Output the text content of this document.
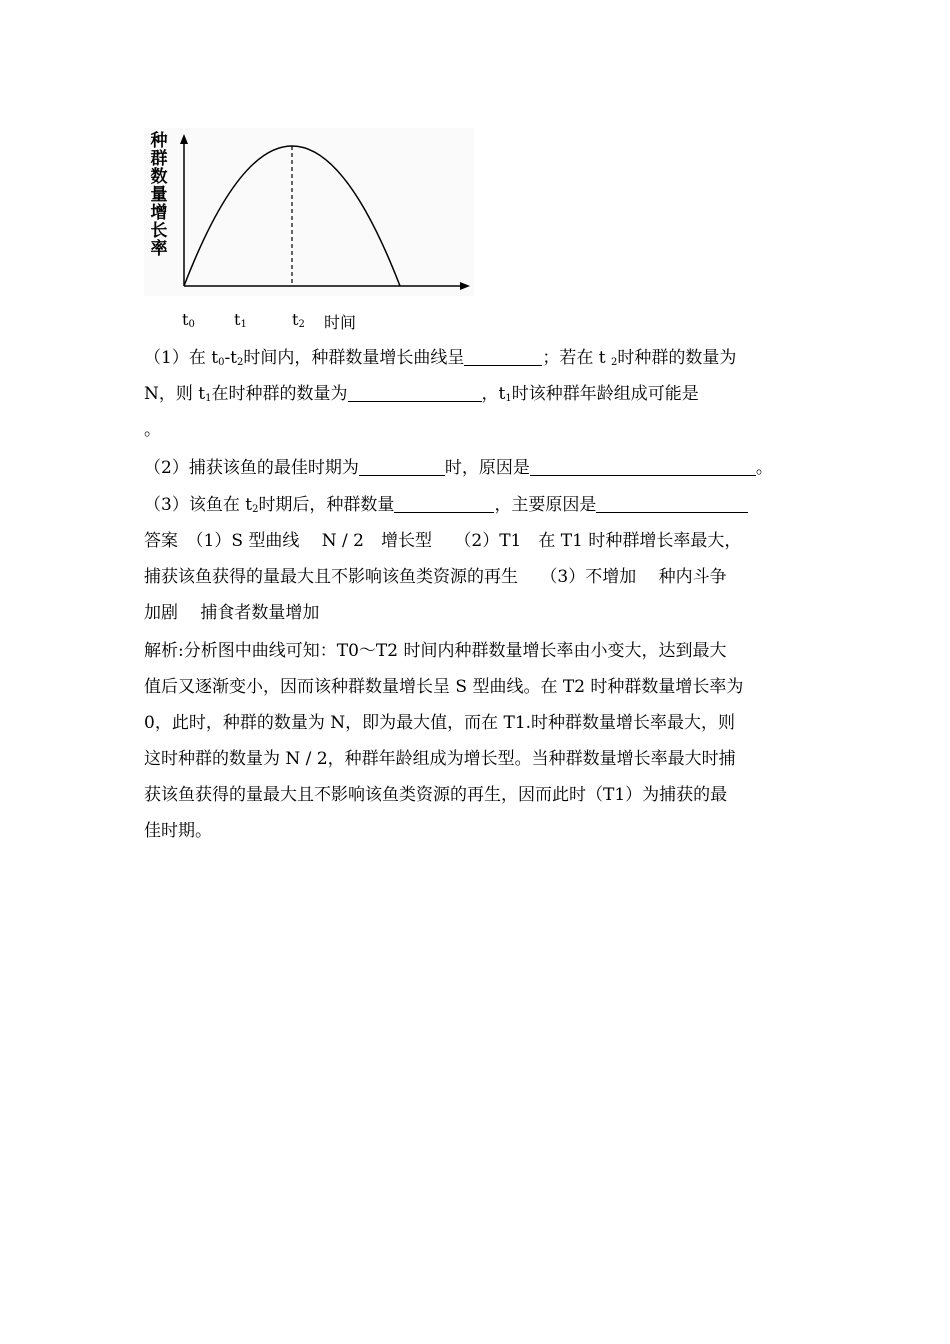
种
群
数
量
增
长
率
$t_0$ $t_1$	$t_2$ 时间
（1）在 $t_0-t_2$时间内，种群数量增长曲线呈	；若在 t $_2$时种群的数量为
N，则 $t_1$在时种群的数量为	，$t_1$时该种群年龄组成可能是
。
（2）捕获该鱼的最佳时期为	时，原因是	。
（3）该鱼在 $t_2$时期后，种群数量	，主要原因是
答案　（1）S 型曲线　 N / 2　增长型　 （2）T1　在 T1 时种群增长率最大，
捕获该鱼获得的量最大且不影响该鱼类资源的再生　 （3）不增加　 种内斗争
加剧　 捕食者数量增加
解析:分析图中曲线可知：T0～T2 时间内种群数量增长率由小变大，达到最大
值后又逐渐变小，因而该种群数量增长呈 S 型曲线。在 T2 时种群数量增长率为
0，此时，种群的数量为 N，即为最大值，而在 T1.时种群数量增长率最大，则
这时种群的数量为 N / 2，种群年龄组成为增长型。当种群数量增长率最大时捕
获该鱼获得的量最大且不影响该鱼类资源的再生，因而此时（T1）为捕获的最
佳时期。
